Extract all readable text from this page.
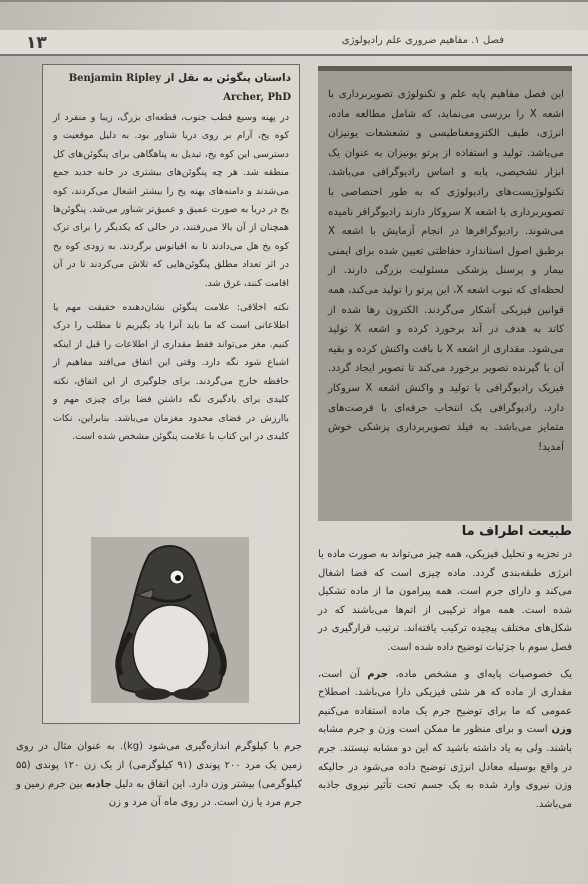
۱۳	فصل ۱. مفاهیم ضروری علم رادیولوژی
این فصل مفاهیم پایه علم و تکنولوژی تصویربرداری با اشعه X را بررسی می‌نماید، که شامل مطالعه ماده، انرژی، طیف الکترومغناطیسی و تشعشعات یونیزان می‌باشد. تولید و استفاده از پرتو یونیزان به عنوان یک ابزار تشخیصی، پایه و اساس رادیوگرافی می‌باشد. تکنولوژیست‌های رادیولوژی که به طور اختصاصی با تصویربرداری با اشعه X سروکار دارند رادیوگرافر نامیده می‌شوند. رادیوگرافرها در انجام آزمایش با اشعه X برطبق اصول استاندارد حفاظتی تعیین شده برای ایمنی بیمار و پرسنل پزشکی مسئولیت بزرگی دارند. از لحظه‌ای که تیوب اشعه X، این پرتو را تولید می‌کند، همه قوانین فیزیکی آشکار می‌گردند. الکترون رها شده از کاتد به هدف در آند برخورد کرده و اشعه X تولید می‌شود. مقداری از اشعه X با بافت واکنش کرده و بقیه آن با گیرنده تصویر برخورد می‌کند تا تصویر ایجاد گردد. فیزیک رادیوگرافی با تولید و واکنش اشعه X سروکار دارد. رادیوگرافی یک انتخاب حرفه‌ای با فرصت‌های متمایز می‌باشد. به فیلد تصویربرداری پزشکی خوش آمدید!
طبیعت اطراف ما

در تجزیه و تحلیل فیزیکی، همه چیز می‌تواند به صورت ماده یا انرژی طبقه‌بندی گردد. ماده چیزی است که فضا اشغال می‌کند و دارای جرم است. همه پیرامون ما از ماده تشکیل شده است. همه مواد ترکیبی از اتم‌ها می‌باشند که در شکل‌های مختلف پیچیده ترکیب یافته‌اند. ترتیب قرارگیری در فصل سوم با جزئیات توضیح داده شده است.

یک خصوصیات پایه‌ای و مشخص ماده، جرم آن است، مقداری از ماده که هر شئی فیزیکی دارا می‌باشد. اصطلاح عمومی که ما برای توضیح جرم یک ماده استفاده می‌کنیم وزن است و برای منظور ما ممکن است وزن و جرم مشابه باشند. ولی به یاد داشته باشید که این دو مشابه نیستند. جرم در واقع بوسیله معادل انرژی توضیح داده می‌شود در حالیکه وزن نیروی وارد شده به یک جسم تحت تأثیر نیروی جاذبه می‌باشد.

داستان پنگوئن به نقل از Benjamin Ripley Archer, PhD

در پهنه وسیع قطب جنوب، قطعه‌ای بزرگ، زیبا و منفرد از کوه یخ، آرام بر روی دریا شناور بود. به دلیل موقعیت و دسترسی این کوه یخ، تبدیل به پناهگاهی برای پنگوئن‌های کل منطقه شد. هر چه پنگوئن‌های بیشتری در خانه جدید جمع می‌شدند و دامنه‌های بهنه یخ را بیشتر اشغال می‌کردند، کوه یخ در دریا به صورت عمیق و عمیق‌تر شناور می‌شد. پنگوئن‌ها همچنان از آن بالا می‌رفتند، در حالی که یکدیگر را برای ترک کوه یخ هل می‌دادند تا به اقیانوس برگردند. به زودی کوه یخ در اثر تعداد مطلق پنگوئن‌هایی که تلاش می‌کردند تا در آن اقامت کنند، غرق شد.

نکته اخلاقی: علامت پنگوئن نشان‌دهنده حقیقت مهم یا اطلاعاتی است که ما باید آنرا یاد بگیریم تا مطلب را درک کنیم. مغز می‌تواند فقط مقداری از اطلاعات را قبل از اینکه اشباع شود نگه دارد. وقتی این اتفاق می‌افتد مفاهیم از حافظه خارج می‌گردند. برای جلوگیری از این اتفاق، نکته کلیدی برای یادگیری نگه داشتن فضا برای چیزی مهم و باارزش در فضای محدود مغزمان می‌باشد. بنابراین، نکات کلیدی در این کتاب با علامت پنگوئن مشخص شده است.

جرم با کیلوگرم اندازه‌گیری می‌شود (kg). به عنوان مثال در روی زمین یک مرد ۲۰۰ پوندی (۹۱ کیلوگرمی) از یک زن ۱۲۰ پوندی (۵۵ کیلوگرمی) بیشتر وزن دارد. این اتفاق به دلیل جاذبه بین جرم زمین و جرم مرد یا زن است. در روی ماه آن مرد و زن
